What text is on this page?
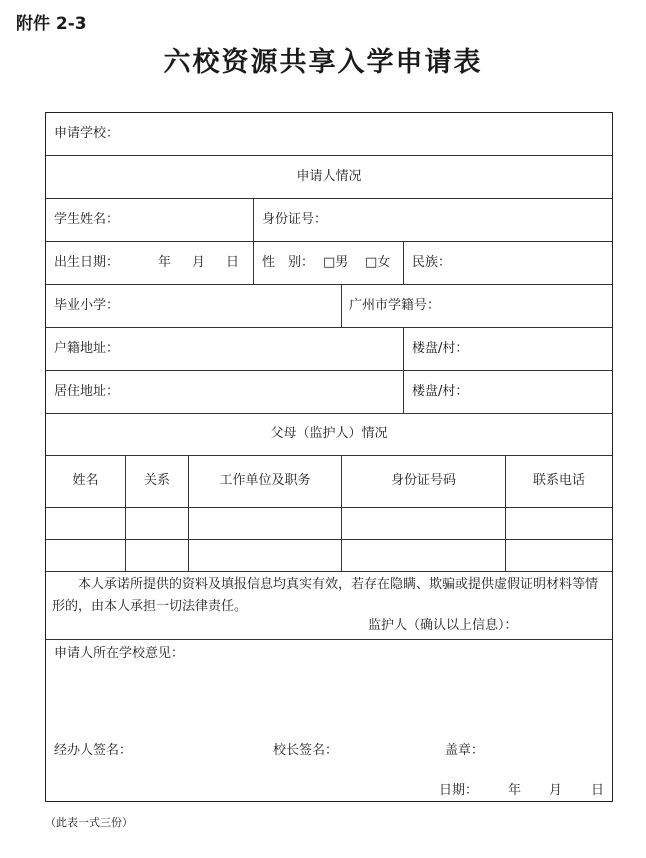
附件 2-3
六校资源共享入学申请表
申请学校：
申请人情况
学生姓名：	身份证号：
出生日期：	年 月 日 性　别： □男 □女 民族：
毕业小学：	广州市学籍号：
户籍地址：	楼盘/村：
居住地址：	楼盘/村：
父母（监护人）情况
姓名	关系	工作单位及职务	身份证号码	联系电话
本人承诺所提供的资料及填报信息均真实有效，若存在隐瞒、欺骗或提供虚假证明材料等情形的，由本人承担一切法律责任。
监护人（确认以上信息）：
申请人所在学校意见：
经办人签名：	校长签名：	盖章：
日期： 年 月 日
（此表一式三份）
